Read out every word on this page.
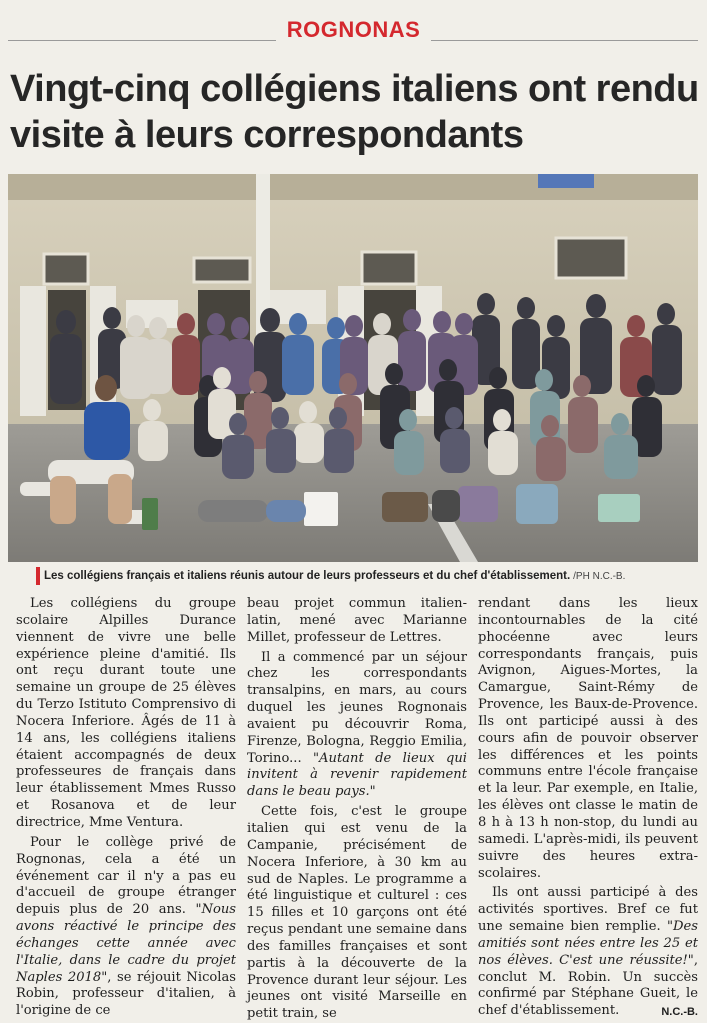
ROGNONAS
Vingt-cinq collégiens italiens ont rendu visite à leurs correspondants
Les collégiens français et italiens réunis autour de leurs professeurs et du chef d'établissement. /PH N.C.-B.

Les collégiens du groupe scolaire Alpilles Durance viennent de vivre une belle expérience pleine d'amitié. Ils ont reçu durant toute une semaine un groupe de 25 élèves du Terzo Istituto Comprensivo di Nocera Inferiore. Âgés de 11 à 14 ans, les collégiens italiens étaient accompagnés de deux professeures de français dans leur établissement Mmes Russo et Rosanova et de leur directrice, Mme Ventura.

Pour le collège privé de Rognonas, cela a été un événement car il n'y a pas eu d'accueil de groupe étranger depuis plus de 20 ans. "Nous avons réactivé le principe des échanges cette année avec l'Italie, dans le cadre du projet Naples 2018", se réjouit Nicolas Robin, professeur d'italien, à l'origine de ce

beau projet commun italien-latin, mené avec Marianne Millet, professeur de Lettres.

Il a commencé par un séjour chez les correspondants transalpins, en mars, au cours duquel les jeunes Rognonais avaient pu découvrir Roma, Firenze, Bologna, Reggio Emilia, Torino... "Autant de lieux qui invitent à revenir rapidement dans le beau pays."

Cette fois, c'est le groupe italien qui est venu de la Campanie, précisément de Nocera Inferiore, à 30 km au sud de Naples. Le programme a été linguistique et culturel : ces 15 filles et 10 garçons ont été reçus pendant une semaine dans des familles françaises et sont partis à la découverte de la Provence durant leur séjour. Les jeunes ont visité Marseille en petit train, se

rendant dans les lieux incontournables de la cité phocéenne avec leurs correspondants français, puis Avignon, Aigues-Mortes, la Camargue, Saint-Rémy de Provence, les Baux-de-Provence. Ils ont participé aussi à des cours afin de pouvoir observer les différences et les points communs entre l'école française et la leur. Par exemple, en Italie, les élèves ont classe le matin de 8 h à 13 h non-stop, du lundi au samedi. L'après-midi, ils peuvent suivre des heures extra-scolaires.

Ils ont aussi participé à des activités sportives. Bref ce fut une semaine bien remplie. "Des amitiés sont nées entre les 25 et nos élèves. C'est une réussite!", conclut M. Robin. Un succès confirmé par Stéphane Gueit, le chef d'établissement.	N.C.-B.
